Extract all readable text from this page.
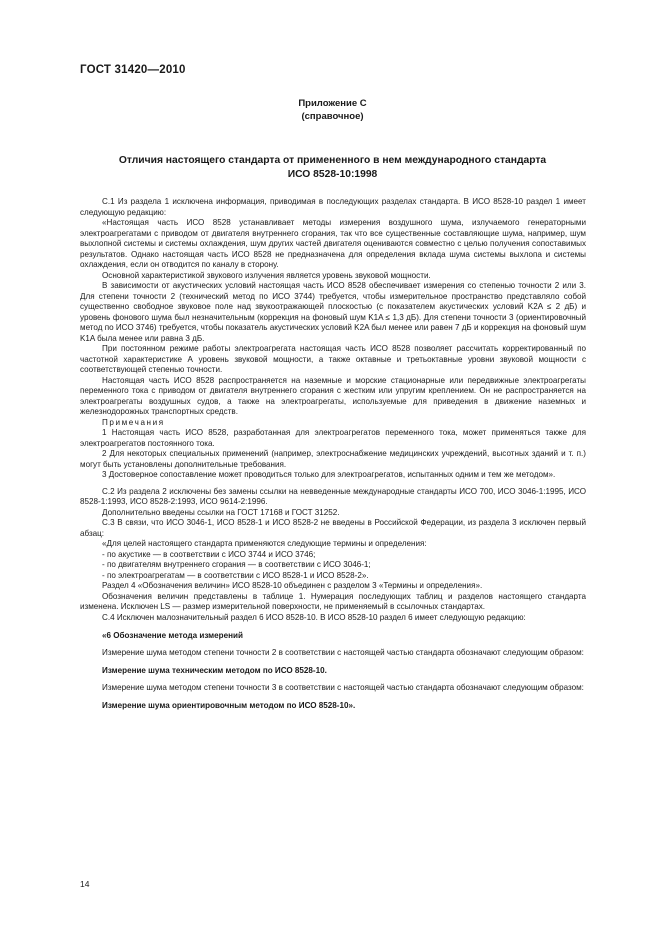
ГОСТ 31420—2010
Приложение С
(справочное)
Отличия настоящего стандарта от примененного в нем международного стандарта
ИСО 8528-10:1998

С.1 Из раздела 1 исключена информация, приводимая в последующих разделах стандарта. В ИСО 8528-10 раздел 1 имеет следующую редакцию:

«Настоящая часть ИСО 8528 устанавливает методы измерения воздушного шума, излучаемого генераторными электроагрегатами с приводом от двигателя внутреннего сгорания, так что все существенные составляющие шума, например, шум выхлопной системы и системы охлаждения, шум других частей двигателя оцениваются совместно с целью получения сопоставимых результатов. Однако настоящая часть ИСО 8528 не предназначена для определения вклада шума системы выхлопа и системы охлаждения, если он отводится по каналу в сторону.

Основной характеристикой звукового излучения является уровень звуковой мощности.

В зависимости от акустических условий настоящая часть ИСО 8528 обеспечивает измерения со степенью точности 2 или 3. Для степени точности 2 (технический метод по ИСО 3744) требуется, чтобы измерительное пространство представляло собой существенно свободное звуковое поле над звукоотражающей плоскостью (с показателем акустических условий K2A ≤ 2 дБ) и уровень фонового шума был незначительным (коррекция на фоновый шум K1A ≤ 1,3 дБ). Для степени точности 3 (ориентировочный метод по ИСО 3746) требуется, чтобы показатель акустических условий K2A был менее или равен 7 дБ и коррекция на фоновый шум K1A была менее или равна 3 дБ.

При постоянном режиме работы электроагрегата настоящая часть ИСО 8528 позволяет рассчитать корректированный по частотной характеристике А уровень звуковой мощности, а также октавные и третьоктавные уровни звуковой мощности с соответствующей степенью точности.

Настоящая часть ИСО 8528 распространяется на наземные и морские стационарные или передвижные электроагрегаты переменного тока с приводом от двигателя внутреннего сгорания с жестким или упругим креплением. Он не распространяется на электроагрегаты воздушных судов, а также на электроагрегаты, используемые для приведения в движение наземных и железнодорожных транспортных средств.

Примечания

1 Настоящая часть ИСО 8528, разработанная для электроагрегатов переменного тока, может применяться также для электроагрегатов постоянного тока.

2 Для некоторых специальных применений (например, электроснабжение медицинских учреждений, высотных зданий и т. п.) могут быть установлены дополнительные требования.

3 Достоверное сопоставление может проводиться только для электроагрегатов, испытанных одним и тем же методом».

С.2 Из раздела 2 исключены без замены ссылки на невведенные международные стандарты ИСО 700, ИСО 3046-1:1995, ИСО 8528-1:1993, ИСО 8528-2:1993, ИСО 9614-2:1996.

Дополнительно введены ссылки на ГОСТ 17168 и ГОСТ 31252.

С.3 В связи, что ИСО 3046-1, ИСО 8528-1 и ИСО 8528-2 не введены в Российской Федерации, из раздела 3 исключен первый абзац:

«Для целей настоящего стандарта применяются следующие термины и определения:

- по акустике — в соответствии с ИСО 3744 и ИСО 3746;

- по двигателям внутреннего сгорания — в соответствии с ИСО 3046-1;

- по электроагрегатам — в соответствии с ИСО 8528-1 и ИСО 8528-2».

Раздел 4 «Обозначения величин» ИСО 8528-10 объединен с разделом 3 «Термины и определения».

Обозначения величин представлены в таблице 1. Нумерация последующих таблиц и разделов настоящего стандарта изменена. Исключен LS — размер измерительной поверхности, не применяемый в ссылочных стандартах.

С.4 Исключен малозначительный раздел 6 ИСО 8528-10. В ИСО 8528-10 раздел 6 имеет следующую редакцию:

«6 Обозначение метода измерений

Измерение шума методом степени точности 2 в соответствии с настоящей частью стандарта обозначают следующим образом:

Измерение шума техническим методом по ИСО 8528-10.

Измерение шума методом степени точности 3 в соответствии с настоящей частью стандарта обозначают следующим образом:

Измерение шума ориентировочным методом по ИСО 8528-10».

14
